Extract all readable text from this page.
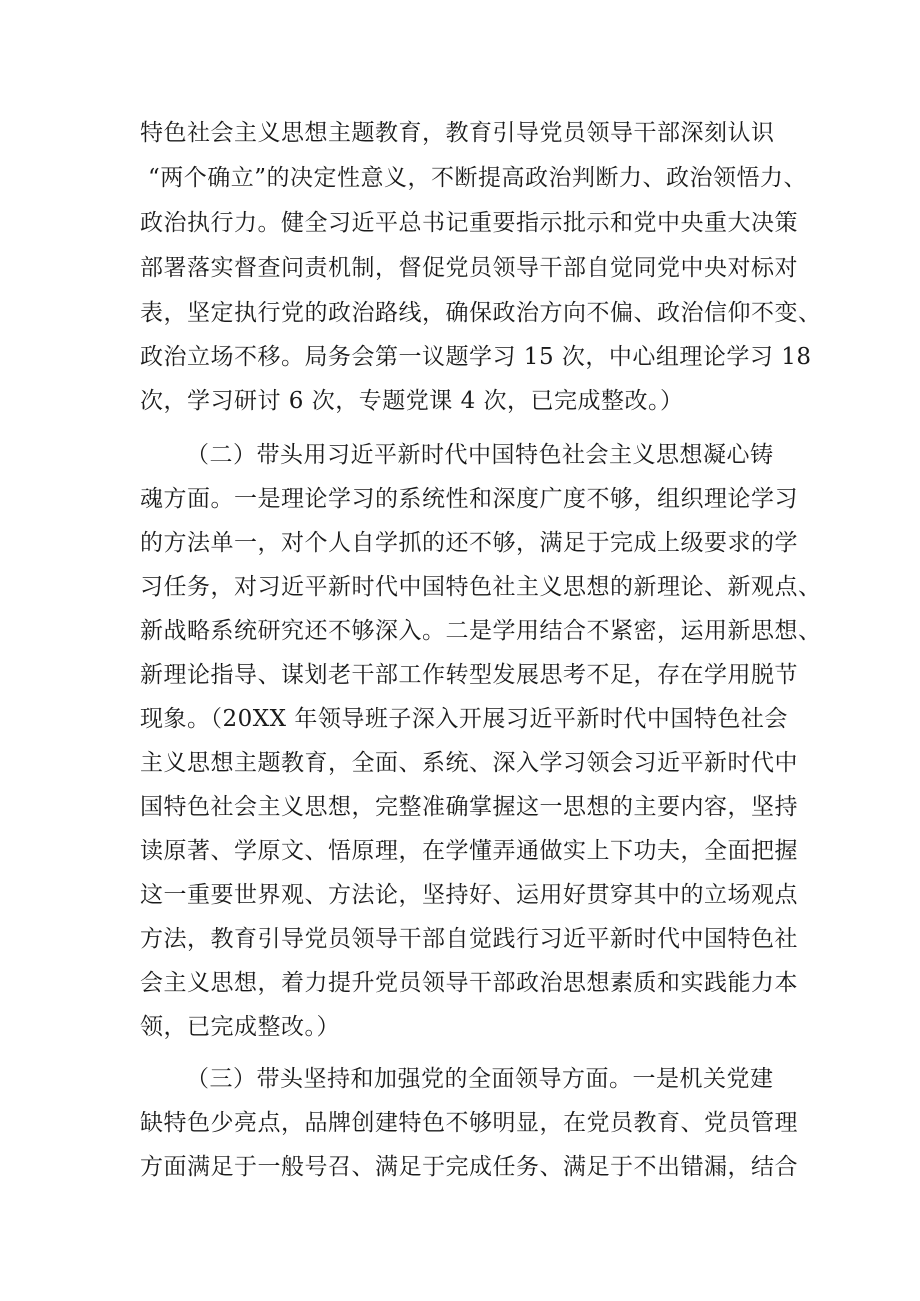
特色社会主义思想主题教育，教育引导党员领导干部深刻认识
“两个确立”的决定性意义，不断提高政治判断力、政治领悟力、
政治执行力。健全习近平总书记重要指示批示和党中央重大决策
部署落实督查问责机制，督促党员领导干部自觉同党中央对标对
表，坚定执行党的政治路线，确保政治方向不偏、政治信仰不变、
政治立场不移。局务会第一议题学习 15 次，中心组理论学习 18
次，学习研讨 6 次，专题党课 4 次，已完成整改。）
（二）带头用习近平新时代中国特色社会主义思想凝心铸
魂方面。一是理论学习的系统性和深度广度不够，组织理论学习
的方法单一，对个人自学抓的还不够，满足于完成上级要求的学
习任务，对习近平新时代中国特色社主义思想的新理论、新观点、
新战略系统研究还不够深入。二是学用结合不紧密，运用新思想、
新理论指导、谋划老干部工作转型发展思考不足，存在学用脱节
现象。（20XX 年领导班子深入开展习近平新时代中国特色社会
主义思想主题教育，全面、系统、深入学习领会习近平新时代中
国特色社会主义思想，完整准确掌握这一思想的主要内容，坚持
读原著、学原文、悟原理，在学懂弄通做实上下功夫，全面把握
这一重要世界观、方法论，坚持好、运用好贯穿其中的立场观点
方法，教育引导党员领导干部自觉践行习近平新时代中国特色社
会主义思想，着力提升党员领导干部政治思想素质和实践能力本
领，已完成整改。）
（三）带头坚持和加强党的全面领导方面。一是机关党建
缺特色少亮点，品牌创建特色不够明显，在党员教育、党员管理
方面满足于一般号召、满足于完成任务、满足于不出错漏，结合
